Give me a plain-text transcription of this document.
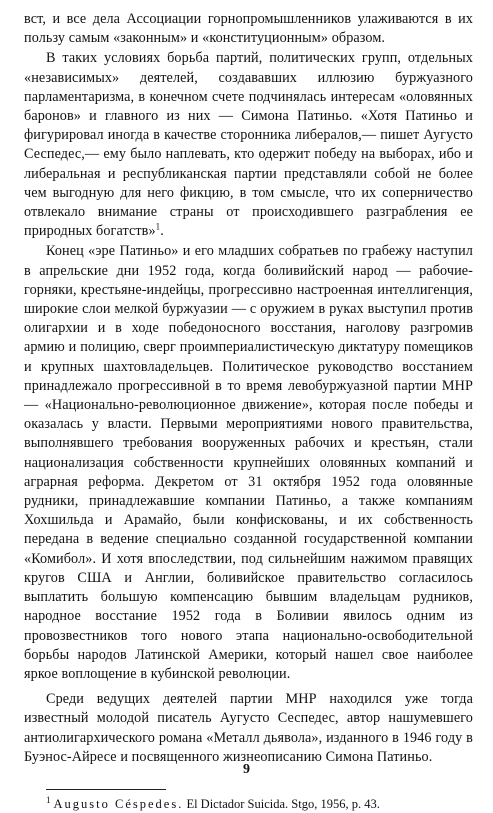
вст, и все дела Ассоциации горнопромышленников улаживаются в их пользу самым «законным» и «конституционным» образом.

В таких условиях борьба партий, политических групп, отдельных «независимых» деятелей, создававших иллюзию буржуазного парламентаризма, в конечном счете подчинялась интересам «оловянных баронов» и главного из них — Симона Патиньо. «Хотя Патиньо и фигурировал иногда в качестве сторонника либералов,— пишет Аугусто Сеспедес,— ему было наплевать, кто одержит победу на выборах, ибо и либеральная и республиканская партии представляли собой не более чем выгодную для него фикцию, в том смысле, что их соперничество отвлекало внимание страны от происходившего разграбления ее природных богатств»$^1$.

Конец «эре Патиньо» и его младших собратьев по грабежу наступил в апрельские дни 1952 года, когда боливийский народ — рабочие-горняки, крестьяне-индейцы, прогрессивно настроенная интеллигенция, широкие слои мелкой буржуазии — с оружием в руках выступил против олигархии и в ходе победоносного восстания, наголову разгромив армию и полицию, сверг проимпериалистическую диктатуру помещиков и крупных шахтовладельцев. Политическое руководство восстанием принадлежало прогрессивной в то время левобуржуазной партии МНР — «Национально-революционное движение», которая после победы и оказалась у власти. Первыми мероприятиями нового правительства, выполнявшего требования вооруженных рабочих и крестьян, стали национализация собственности крупнейших оловянных компаний и аграрная реформа. Декретом от 31 октября 1952 года оловянные рудники, принадлежавшие компании Патиньо, а также компаниям Хохшильда и Арамайо, были конфискованы, и их собственность передана в ведение специально созданной государственной компании «Комибол». И хотя впоследствии, под сильнейшим нажимом правящих кругов США и Англии, боливийское правительство согласилось выплатить большую компенсацию бывшим владельцам рудников, народное восстание 1952 года в Боливии явилось одним из провозвестников того нового этапа национально-освободительной борьбы народов Латинской Америки, который нашел свое наиболее яркое воплощение в кубинской революции.

Среди ведущих деятелей партии МНР находился уже тогда известный молодой писатель Аугусто Сеспедес, автор нашумевшего антиолигархического романа «Металл дьявола», изданного в 1946 году в Буэнос-Айресе и посвященного жизнеописанию Симона Патиньо.

$^1$ Augusto Céspedes. El Dictador Suicida. Stgo, 1956, p. 43.

9
